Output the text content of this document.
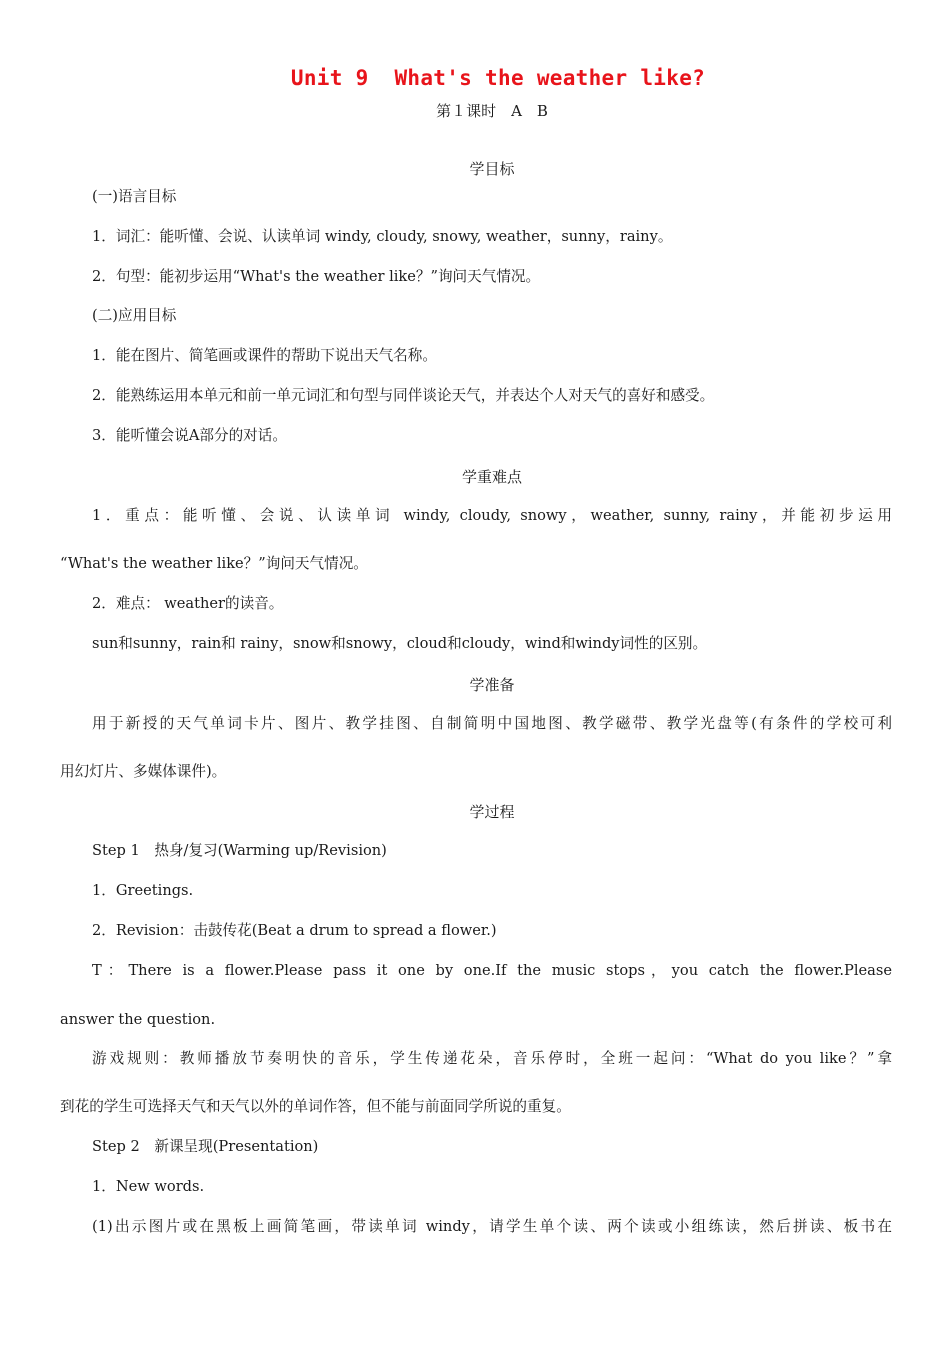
Unit 9  What's the weather like?
第１课时　A　B
学目标
(一)语言目标
1．词汇：能听懂、会说、认读单词 windy, cloudy, snowy, weather，sunny，rainy。
2．句型：能初步运用“What's the weather like？”询问天气情况。
(二)应用目标
1．能在图片、简笔画或课件的帮助下说出天气名称。
2．能熟练运用本单元和前一单元词汇和句型与同伴谈论天气，并表达个人对天气的喜好和感受。
3．能听懂会说A部分的对话。
学重难点
1．重点：能听懂、会说、认读单词 windy, cloudy, snowy，weather, sunny, rainy，并能初步运用
“What's the weather like？”询问天气情况。
2．难点： weather的读音。
sun和sunny，rain和 rainy，snow和snowy，cloud和cloudy，wind和windy词性的区别。
学准备
用于新授的天气单词卡片、图片、教学挂图、自制简明中国地图、教学磁带、教学光盘等(有条件的学校可利
用幻灯片、多媒体课件)。
学过程
Step 1　热身/复习(Warming up/Revision)
1．Greetings.
2．Revision：击鼓传花(Beat a drum to spread a flower.)
T：There is a flower.Please pass it one by one.If the music stops，you catch the flower.Please
answer the question.
游戏规则：教师播放节奏明快的音乐，学生传递花朵，音乐停时，全班一起问：“What do you like？”拿
到花的学生可选择天气和天气以外的单词作答，但不能与前面同学所说的重复。
Step 2　新课呈现(Presentation)
1．New words.
(1)出示图片或在黑板上画简笔画，带读单词 windy，请学生单个读、两个读或小组练读，然后拼读、板书在
